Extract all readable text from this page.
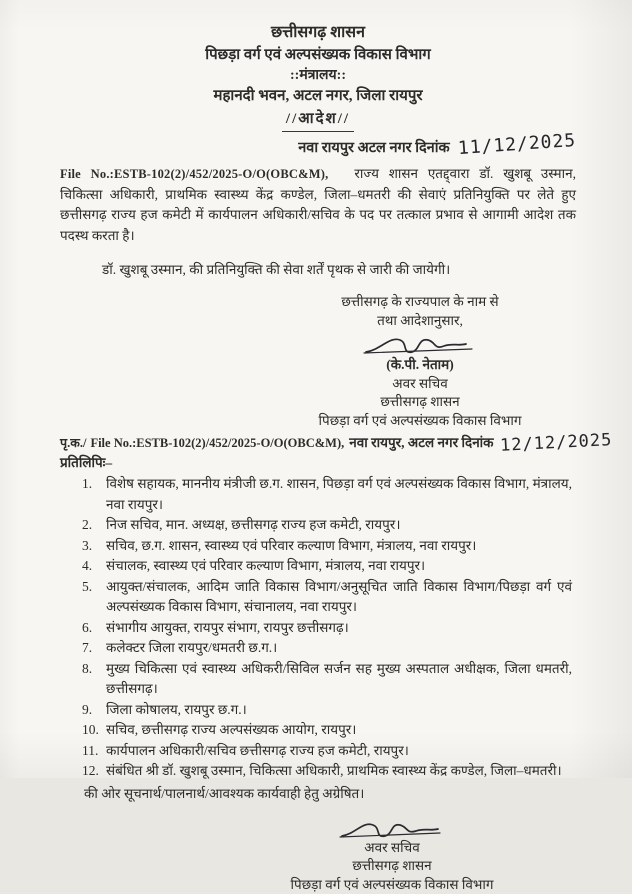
छत्तीसगढ़ शासन
पिछड़ा वर्ग एवं अल्पसंख्यक विकास विभाग
::मंत्रालय::
महानदी भवन, अटल नगर, जिला रायपुर
//आदेश//
नवा रायपुर अटल नगर दिनांक 11/12/2025

File No.:ESTB-102(2)/452/2025-O/O(OBC&M), राज्य शासन एतद्द्वारा डॉ. खुशबू उस्मान, चिकित्सा अधिकारी, प्राथमिक स्वास्थ्य केंद्र कण्डेल, जिला–धमतरी की सेवाएं प्रतिनियुक्ति पर लेते हुए छत्तीसगढ़ राज्य हज कमेटी में कार्यपालन अधिकारी/सचिव के पद पर तत्काल प्रभाव से आगामी आदेश तक पदस्थ करता है।

डॉ. खुशबू उस्मान, की प्रतिनियुक्ति की सेवा शर्तें पृथक से जारी की जायेगी।

छत्तीसगढ़ के राज्यपाल के नाम से
तथा आदेशानुसार,
(के.पी. नेताम)
अवर सचिव
छत्तीसगढ़ शासन
पिछड़ा वर्ग एवं अल्पसंख्यक विकास विभाग
पृ.क./ File No.:ESTB-102(2)/452/2025-O/O(OBC&M), नवा रायपुर, अटल नगर दिनांक 12/12/2025
प्रतिलिपिः–
1.	विशेष सहायक, माननीय मंत्रीजी छ.ग. शासन, पिछड़ा वर्ग एवं अल्पसंख्यक विकास विभाग, मंत्रालय, नवा रायपुर।
2.	निज सचिव, मान. अध्यक्ष, छत्तीसगढ़ राज्य हज कमेटी, रायपुर।
3.	सचिव, छ.ग. शासन, स्वास्थ्य एवं परिवार कल्याण विभाग, मंत्रालय, नवा रायपुर।
4.	संचालक, स्वास्थ्य एवं परिवार कल्याण विभाग, मंत्रालय, नवा रायपुर।
5.	आयुक्त/संचालक, आदिम जाति विकास विभाग/अनुसूचित जाति विकास विभाग/पिछड़ा वर्ग एवं अल्पसंख्यक विकास विभाग, संचानालय, नवा रायपुर।
6.	संभागीय आयुक्त, रायपुर संभाग, रायपुर छत्तीसगढ़।
7.	कलेक्टर जिला रायपुर/धमतरी छ.ग.।
8.	मुख्य चिकित्सा एवं स्वास्थ्य अधिकरी/सिविल सर्जन सह मुख्य अस्पताल अधीक्षक, जिला धमतरी, छत्तीसगढ़।
9.	जिला कोषालय, रायपुर छ.ग.।
10. सचिव, छत्तीसगढ़ राज्य अल्पसंख्यक आयोग, रायपुर।
11. कार्यपालन अधिकारी/सचिव छत्तीसगढ़ राज्य हज कमेटी, रायपुर।
12. संबंधित श्री डॉ. खुशबू उस्मान, चिकित्सा अधिकारी, प्राथमिक स्वास्थ्य केंद्र कण्डेल, जिला–धमतरी।
की ओर सूचनार्थ/पालनार्थ/आवश्यक कार्यवाही हेतु अग्रेषित।
अवर सचिव
छत्तीसगढ़ शासन
पिछड़ा वर्ग एवं अल्पसंख्यक विकास विभाग
